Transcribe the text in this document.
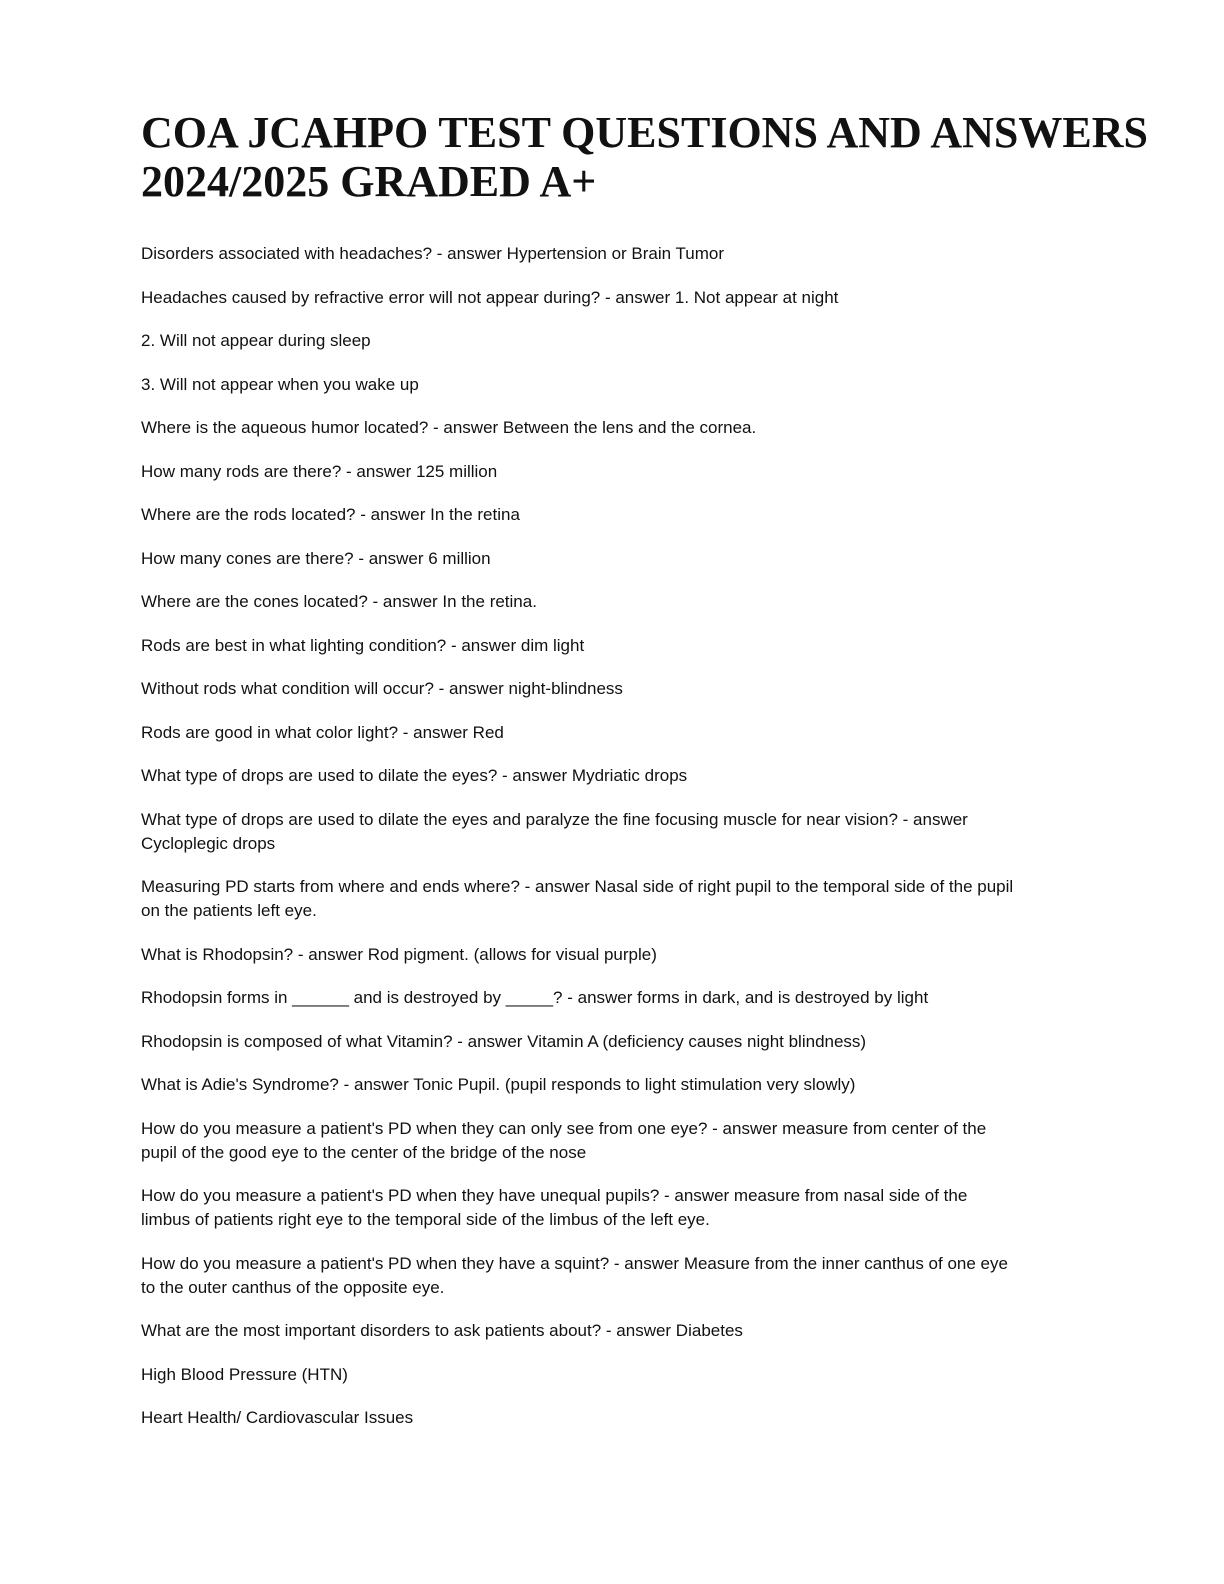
COA JCAHPO TEST QUESTIONS AND ANSWERS 2024/2025 GRADED A+

Disorders associated with headaches? - answer Hypertension or Brain Tumor

Headaches caused by refractive error will not appear during? - answer 1. Not appear at night

2. Will not appear during sleep

3. Will not appear when you wake up

Where is the aqueous humor located? - answer Between the lens and the cornea.

How many rods are there? - answer 125 million

Where are the rods located? - answer In the retina

How many cones are there? - answer 6 million

Where are the cones located? - answer In the retina.

Rods are best in what lighting condition? - answer dim light

Without rods what condition will occur? - answer night-blindness

Rods are good in what color light? - answer Red

What type of drops are used to dilate the eyes? - answer Mydriatic drops

What type of drops are used to dilate the eyes and paralyze the fine focusing muscle for near vision? - answer Cycloplegic drops

Measuring PD starts from where and ends where? - answer Nasal side of right pupil to the temporal side of the pupil on the patients left eye.

What is Rhodopsin? - answer Rod pigment. (allows for visual purple)

Rhodopsin forms in ______ and is destroyed by _____? - answer forms in dark, and is destroyed by light

Rhodopsin is composed of what Vitamin? - answer Vitamin A (deficiency causes night blindness)

What is Adie's Syndrome? - answer Tonic Pupil. (pupil responds to light stimulation very slowly)

How do you measure a patient's PD when they can only see from one eye? - answer measure from center of the pupil of the good eye to the center of the bridge of the nose

How do you measure a patient's PD when they have unequal pupils? - answer measure from nasal side of the limbus of patients right eye to the temporal side of the limbus of the left eye.

How do you measure a patient's PD when they have a squint? - answer Measure from the inner canthus of one eye to the outer canthus of the opposite eye.

What are the most important disorders to ask patients about? - answer Diabetes

High Blood Pressure (HTN)

Heart Health/ Cardiovascular Issues
